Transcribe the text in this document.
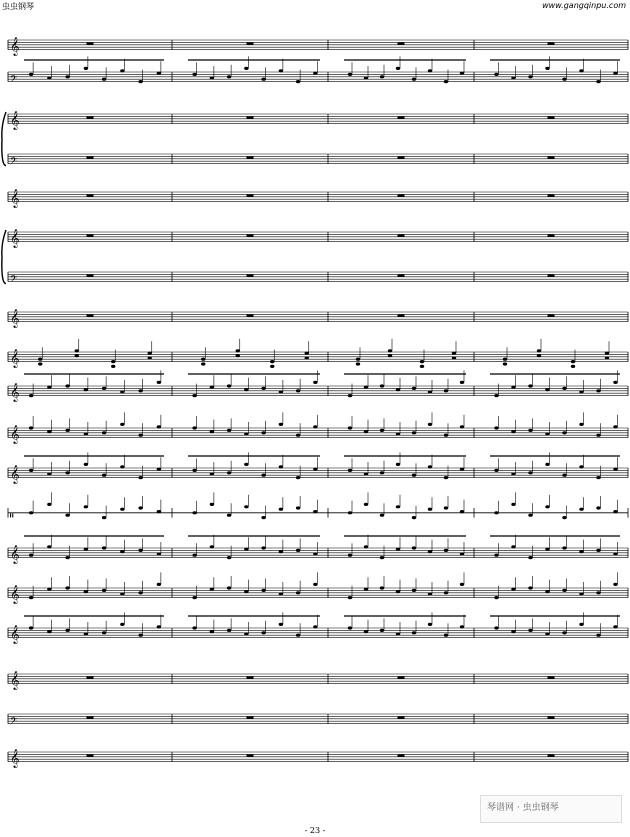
虫虫钢琴	www.gangqinpu.com
𝄞
𝄢
𝄞
𝄢
𝄞
𝄞
𝄢
𝄞
𝄞
𝄞
𝄞
𝄞
𝄥
𝄞
𝄞
𝄞
𝄞
𝄢
𝄞
琴谱网 · 虫虫钢琴
- 23 -
